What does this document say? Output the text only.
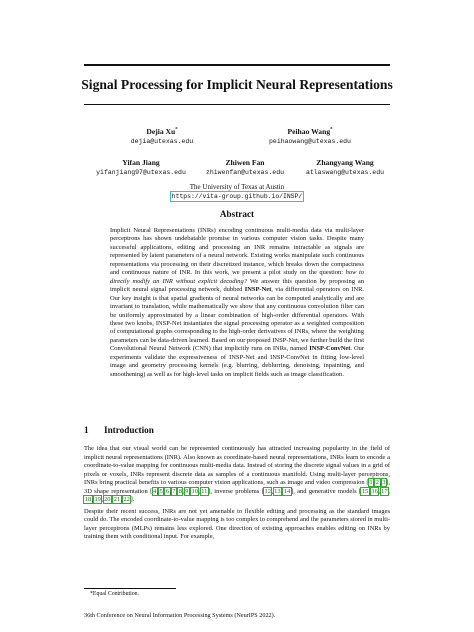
Signal Processing for Implicit Neural Representations
Dejia Xu*
dejia@utexas.edu
Peihao Wang*
peihaowang@utexas.edu
Yifan Jiang
yifanjiang97@utexas.edu
Zhiwen Fan
zhiwenfan@utexas.edu
Zhangyang Wang
atlaswang@utexas.edu
The University of Texas at Austin
https://vita-group.github.io/INSP/
Abstract

Implicit Neural Representations (INRs) encoding continuous multi-media data via multi-layer perceptrons has shown undebatable promise in various computer vision tasks. Despite many successful applications, editing and processing an INR remains intractable as signals are represented by latent parameters of a neural network. Existing works manipulate such continuous representations via processing on their discretized instance, which breaks down the compactness and continuous nature of INR. In this work, we present a pilot study on the question: how to directly modify an INR without explicit decoding? We answer this question by proposing an implicit neural signal processing network, dubbed INSP-Net, via differential operators on INR. Our key insight is that spatial gradients of neural networks can be computed analytically and are invariant to translation, while mathematically we show that any continuous convolution filter can be uniformly approximated by a linear combination of high-order differential operators. With these two knobs, INSP-Net instantiates the signal processing operator as a weighted composition of computational graphs corresponding to the high-order derivatives of INRs, where the weighting parameters can be data-driven learned. Based on our proposed INSP-Net, we further build the first Convolutional Neural Network (CNN) that implicitly runs on INRs, named INSP-ConvNet. Our experiments validate the expressiveness of INSP-Net and INSP-ConvNet in fitting low-level image and geometry processing kernels (e.g. blurring, deblurring, denoising, inpainting, and smoothening) as well as for high-level tasks on implicit fields such as image classification.

1 Introduction

The idea that our visual world can be represented continuously has attracted increasing popularity in the field of implicit neural representations (INR). Also known as coordinate-based neural representations, INRs learn to encode a coordinate-to-value mapping for continuous multi-media data. Instead of storing the discrete signal values in a grid of pixels or voxels, INRs represent discrete data as samples of a continuous manifold. Using multi-layer perceptrons, INRs bring practical benefits to various computer vision applications, such as image and video compression [1,2,3], 3D shape representation [4,5,6,7,8,9,10,11], inverse problems [12,13,14], and generative models [15,16,17,18,19,20,21,22].

Despite their recent success, INRs are not yet amenable to flexible editing and processing as the standard images could do. The encoded coordinate-to-value mapping is too complex to comprehend and the parameters stored in multi-layer perceptrons (MLPs) remains less explored. One direction of existing approaches enables editing on INRs by training them with conditional input. For example,

*Equal Contribution.
36th Conference on Neural Information Processing Systems (NeurIPS 2022).
